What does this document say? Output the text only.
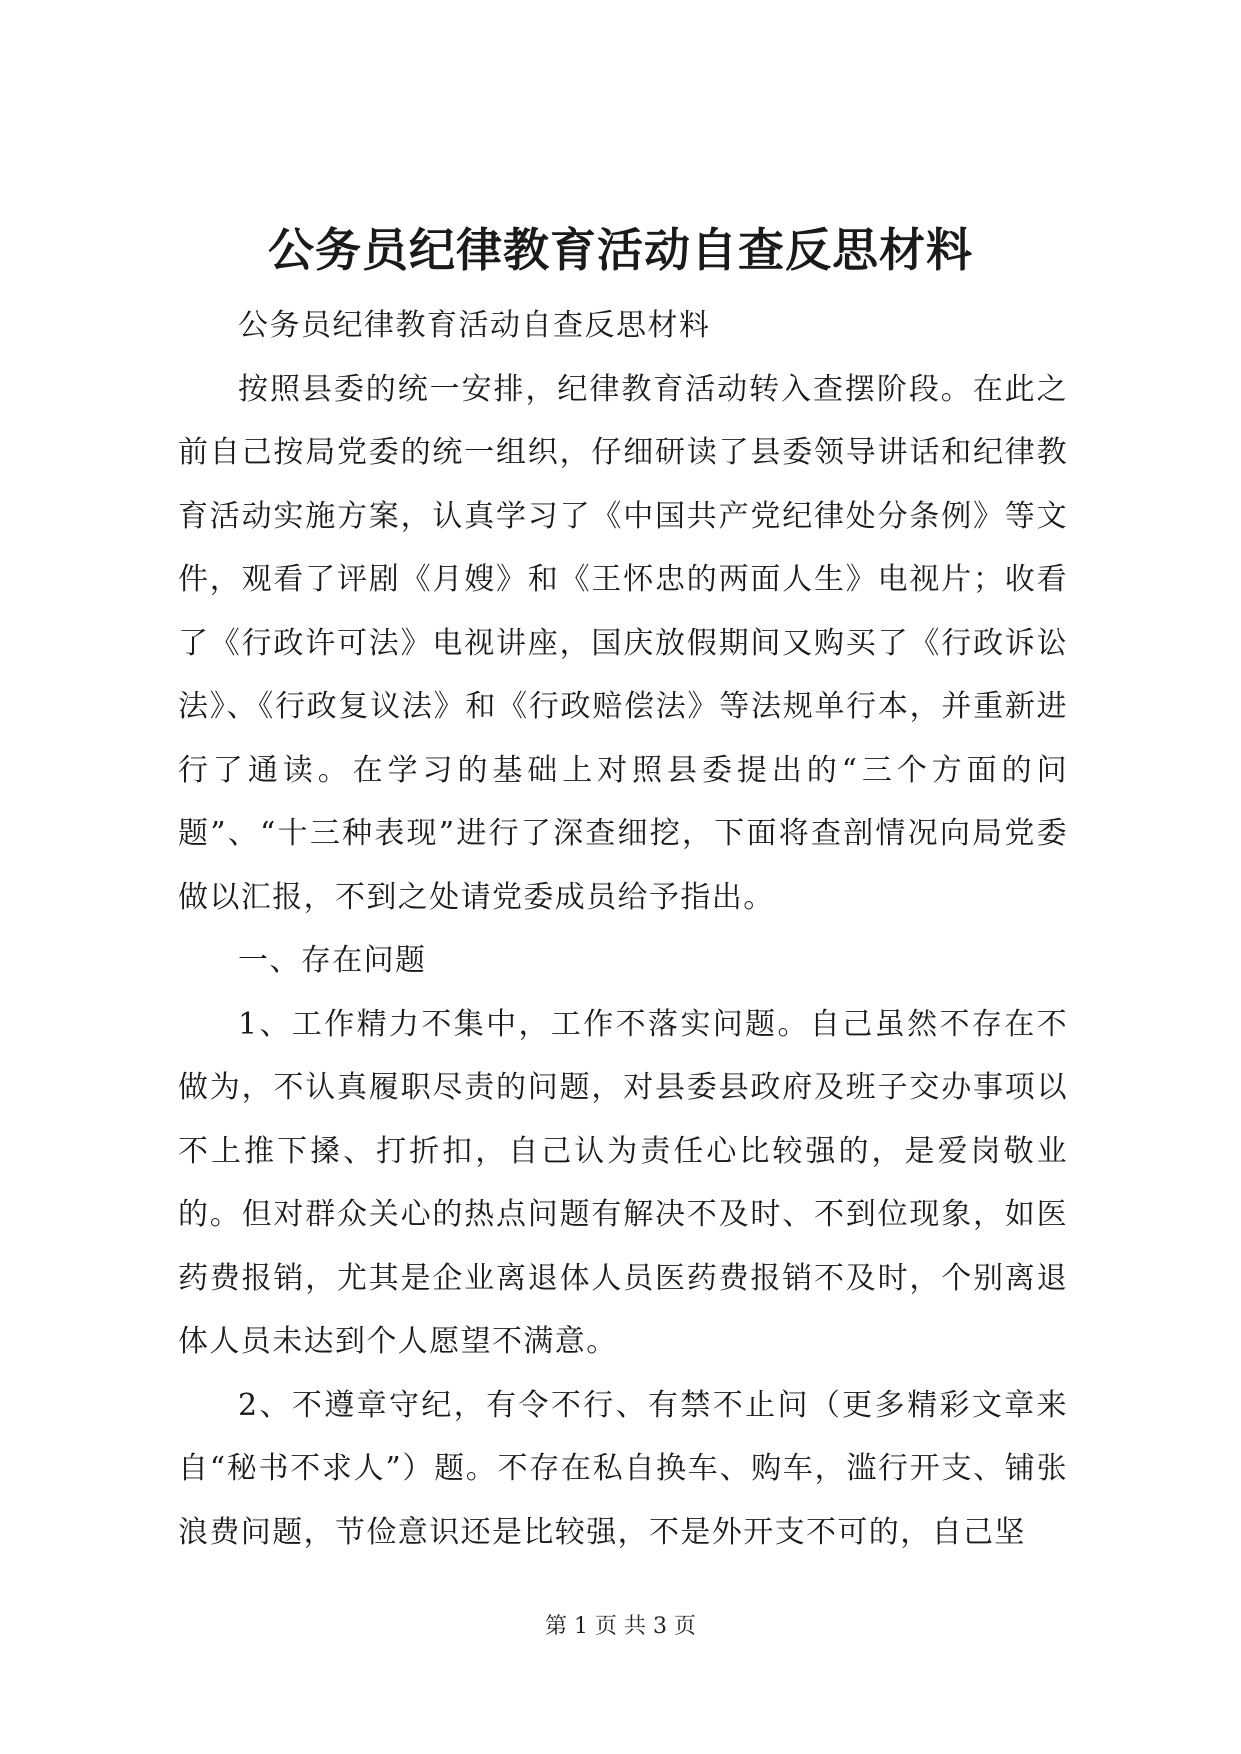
公务员纪律教育活动自查反思材料

公务员纪律教育活动自查反思材料

按照县委的统一安排，纪律教育活动转入查摆阶段。在此之前自己按局党委的统一组织，仔细研读了县委领导讲话和纪律教育活动实施方案，认真学习了《中国共产党纪律处分条例》等文件，观看了评剧《月嫂》和《王怀忠的两面人生》电视片；收看了《行政许可法》电视讲座，国庆放假期间又购买了《行政诉讼法》、《行政复议法》和《行政赔偿法》等法规单行本，并重新进行了通读。在学习的基础上对照县委提出的“三个方面的问题”、“十三种表现”进行了深查细挖，下面将查剖情况向局党委做以汇报，不到之处请党委成员给予指出。

一、存在问题

1、工作精力不集中，工作不落实问题。自己虽然不存在不做为，不认真履职尽责的问题，对县委县政府及班子交办事项以不上推下搡、打折扣，自己认为责任心比较强的，是爱岗敬业的。但对群众关心的热点问题有解决不及时、不到位现象，如医药费报销，尤其是企业离退体人员医药费报销不及时，个别离退体人员未达到个人愿望不满意。

2、不遵章守纪，有令不行、有禁不止问（更多精彩文章来自“秘书不求人”）题。不存在私自换车、购车，滥行开支、铺张浪费问题，节俭意识还是比较强，不是外开支不可的，自己坚

第 1 页 共 3 页
